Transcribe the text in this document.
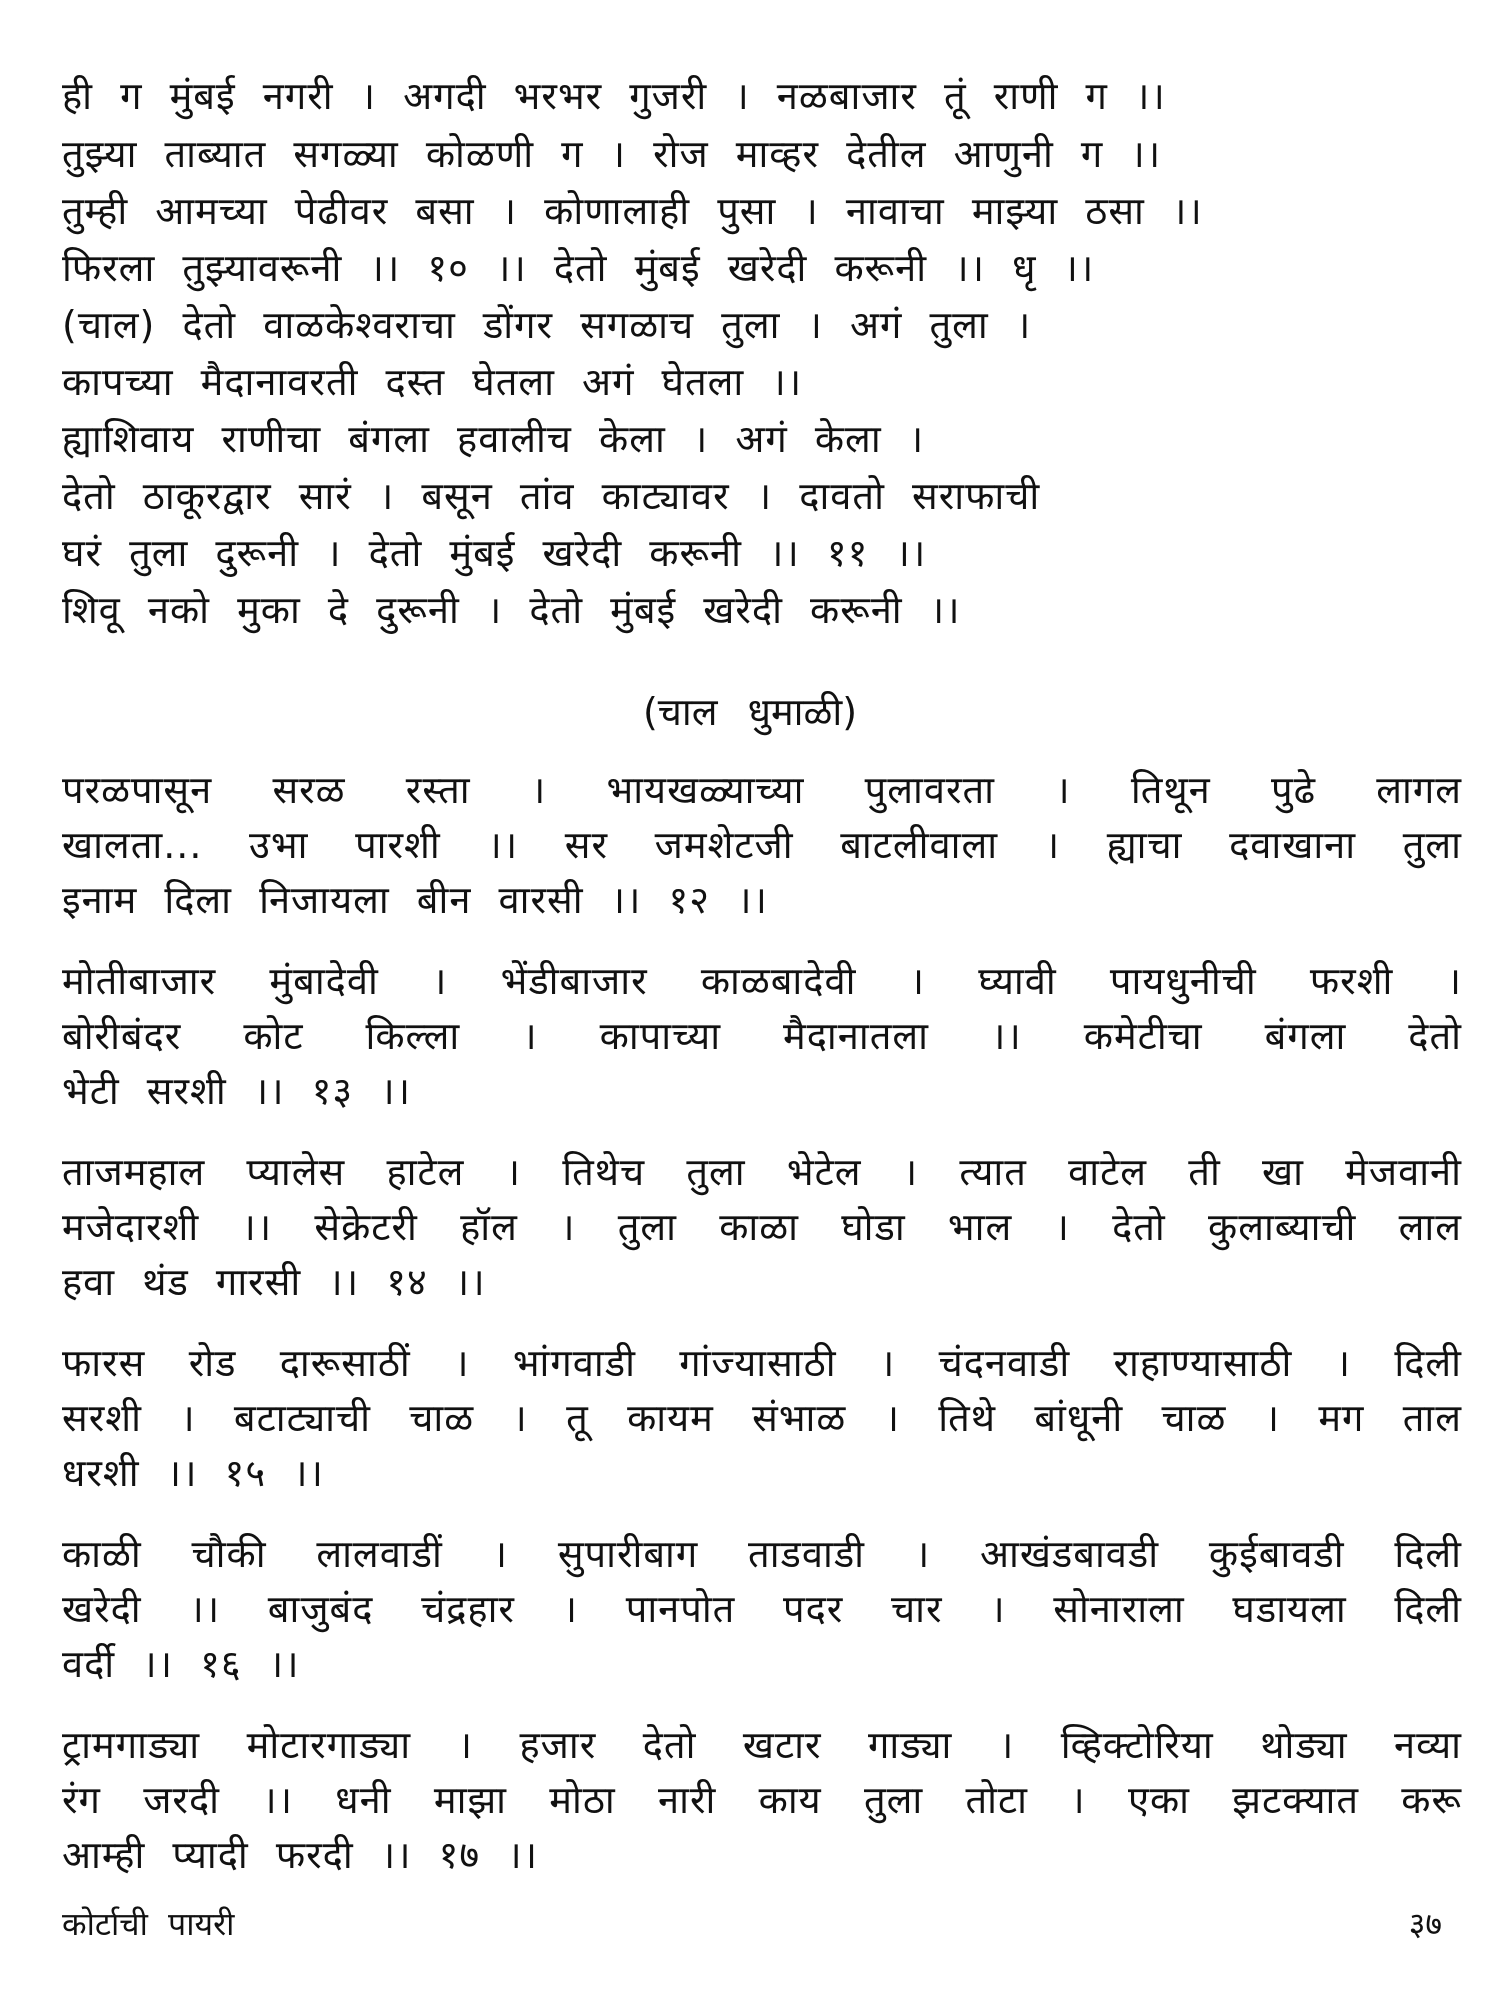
ही ग मुंबई नगरी । अगदी भरभर गुजरी । नळबाजार तूं राणी ग ।।
तुझ्या ताब्यात सगळ्या कोळणी ग । रोज माव्हर देतील आणुनी ग ।।
तुम्ही आमच्या पेढीवर बसा । कोणालाही पुसा । नावाचा माझ्या ठसा ।।
फिरला तुझ्यावरूनी ।। १० ।। देतो मुंबई खरेदी करूनी ।। धृ ।।
(चाल) देतो वाळकेश्वराचा डोंगर सगळाच तुला । अगं तुला ।
कापच्या मैदानावरती दस्त घेतला अगं घेतला ।।
ह्याशिवाय राणीचा बंगला हवालीच केला । अगं केला ।
देतो ठाकूरद्वार सारं । बसून तांव काट्यावर । दावतो सराफाची
घरं तुला दुरूनी । देतो मुंबई खरेदी करूनी ।। ११ ।।
शिवू नको मुका दे दुरूनी । देतो मुंबई खरेदी करूनी ।।
(चाल धुमाळी)
परळपासून सरळ रस्ता । भायखळ्याच्या पुलावरता । तिथून पुढे लागल
खालता... उभा पारशी ।। सर जमशेटजी बाटलीवाला । ह्याचा दवाखाना तुला
इनाम दिला निजायला बीन वारसी ।। १२ ।।
मोतीबाजार मुंबादेवी । भेंडीबाजार काळबादेवी । घ्यावी पायधुनीची फरशी ।
बोरीबंदर कोट किल्ला । कापाच्या मैदानातला ।। कमेटीचा बंगला देतो
भेटी सरशी ।। १३ ।।
ताजमहाल प्यालेस हाटेल । तिथेच तुला भेटेल । त्यात वाटेल ती खा मेजवानी
मजेदारशी ।। सेक्रेटरी हॉल । तुला काळा घोडा भाल । देतो कुलाब्याची लाल
हवा थंड गारसी ।। १४ ।।
फारस रोड दारूसाठीं । भांगवाडी गांज्यासाठी । चंदनवाडी राहाण्यासाठी । दिली
सरशी । बटाट्याची चाळ । तू कायम संभाळ । तिथे बांधूनी चाळ । मग ताल
धरशी ।। १५ ।।
काळी चौकी लालवाडीं । सुपारीबाग ताडवाडी । आखंडबावडी कुईबावडी दिली
खरेदी ।। बाजुबंद चंद्रहार । पानपोत पदर चार । सोनाराला घडायला दिली
वर्दी ।। १६ ।।
ट्रामगाड्या मोटारगाड्या । हजार देतो खटार गाड्या । व्हिक्टोरिया थोड्या नव्या
रंग जरदी ।। धनी माझा मोठा नारी काय तुला तोटा । एका झटक्यात करू
आम्ही प्यादी फरदी ।। १७ ।।
कोर्टाची पायरी	३७
